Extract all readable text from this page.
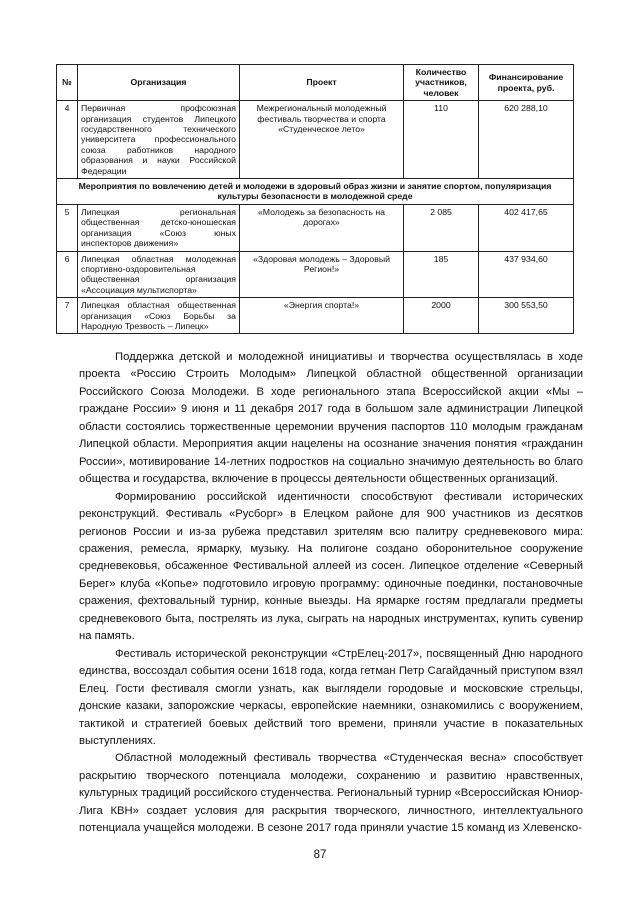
№	Организация	Проект	Количество участников, человек	Финансирование проекта, руб.
4	Первичная профсоюзная организация студентов Липецкого государственного технического университета профессионального союза работников народного образования и науки Российской Федерации	Межрегиональный молодежный фестиваль творчества и спорта «Студенческое лето»	110	620 288,10
Мероприятия по вовлечению детей и молодежи в здоровый образ жизни и занятие спортом, популяризация культуры безопасности в молодежной среде				
5	Липецкая региональная общественная детско-юношеская организация «Союз юных инспекторов движения»	«Молодежь за безопасность на дорогах»	2 085	402 417,65
6	Липецкая областная молодежная спортивно-оздоровительная общественная организация «Ассоциация мультиспорта»	«Здоровая молодежь – Здоровый Регион!»	185	437 934,60
7	Липецкая областная общественная организация «Союз Борьбы за Народную Трезвость – Липецк»	«Энергия спорта!»	2000	300 553,50

Поддержка детской и молодежной инициативы и творчества осуществлялась в ходе проекта «Россию Строить Молодым» Липецкой областной общественной организации Российского Союза Молодежи. В ходе регионального этапа Всероссийской акции «Мы – граждане России» 9 июня и 11 декабря 2017 года в большом зале администрации Липецкой области состоялись торжественные церемонии вручения паспортов 110 молодым гражданам Липецкой области. Мероприятия акции нацелены на осознание значения понятия «гражданин России», мотивирование 14-летних подростков на социально значимую деятельность во благо общества и государства, включение в процессы деятельности общественных организаций.

Формированию российской идентичности способствуют фестивали исторических реконструкций. Фестиваль «Русборг» в Елецком районе для 900 участников из десятков регионов России и из-за рубежа представил зрителям всю палитру средневекового мира: сражения, ремесла, ярмарку, музыку. На полигоне создано оборонительное сооружение средневековья, обсаженное Фестивальной аллеей из сосен. Липецкое отделение «Северный Берег» клуба «Копье» подготовило игровую программу: одиночные поединки, постановочные сражения, фехтовальный турнир, конные выезды. На ярмарке гостям предлагали предметы средневекового быта, пострелять из лука, сыграть на народных инструментах, купить сувенир на память.

Фестиваль исторической реконструкции «СтрЕлец-2017», посвященный Дню народного единства, воссоздал события осени 1618 года, когда гетман Петр Сагайдачный приступом взял Елец. Гости фестиваля смогли узнать, как выглядели городовые и московские стрельцы, донские казаки, запорожские черкасы, европейские наемники, ознакомились с вооружением, тактикой и стратегией боевых действий того времени, приняли участие в показательных выступлениях.

Областной молодежный фестиваль творчества «Студенческая весна» способствует раскрытию творческого потенциала молодежи, сохранению и развитию нравственных, культурных традиций российского студенчества. Региональный турнир «Всероссийская Юниор-Лига КВН» создает условия для раскрытия творческого, личностного, интеллектуального потенциала учащейся молодежи. В сезоне 2017 года приняли участие 15 команд из Хлевенско-

87
